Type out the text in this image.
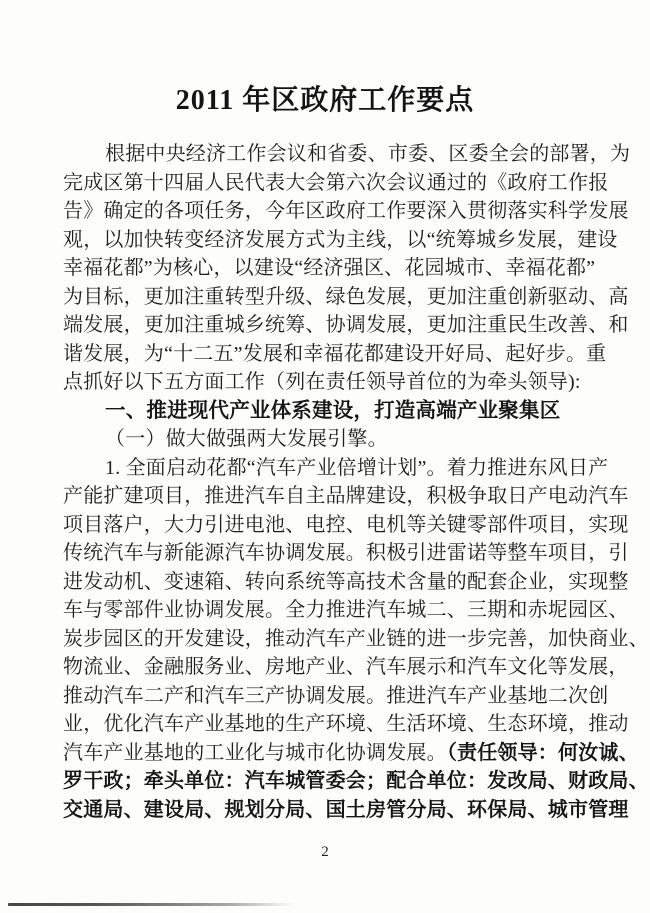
2011 年区政府工作要点
根据中央经济工作会议和省委、市委、区委全会的部署，为
完成区第十四届人民代表大会第六次会议通过的《政府工作报
告》确定的各项任务，今年区政府工作要深入贯彻落实科学发展
观，以加快转变经济发展方式为主线，以“统筹城乡发展，建设
幸福花都”为核心，以建设“经济强区、花园城市、幸福花都”
为目标，更加注重转型升级、绿色发展，更加注重创新驱动、高
端发展，更加注重城乡统筹、协调发展，更加注重民生改善、和
谐发展，为“十二五”发展和幸福花都建设开好局、起好步。重
点抓好以下五方面工作（列在责任领导首位的为牵头领导):
一、推进现代产业体系建设，打造高端产业聚集区
（一）做大做强两大发展引擎。
1. 全面启动花都“汽车产业倍增计划”。着力推进东风日产
产能扩建项目，推进汽车自主品牌建设，积极争取日产电动汽车
项目落户，大力引进电池、电控、电机等关键零部件项目，实现
传统汽车与新能源汽车协调发展。积极引进雷诺等整车项目，引
进发动机、变速箱、转向系统等高技术含量的配套企业，实现整
车与零部件业协调发展。全力推进汽车城二、三期和赤坭园区、
炭步园区的开发建设，推动汽车产业链的进一步完善，加快商业、
物流业、金融服务业、房地产业、汽车展示和汽车文化等发展，
推动汽车二产和汽车三产协调发展。推进汽车产业基地二次创
业，优化汽车产业基地的生产环境、生活环境、生态环境，推动
汽车产业基地的工业化与城市化协调发展。（责任领导：何汝诚、
罗干政；牵头单位：汽车城管委会；配合单位：发改局、财政局、
交通局、建设局、规划分局、国土房管分局、环保局、城市管理
2
